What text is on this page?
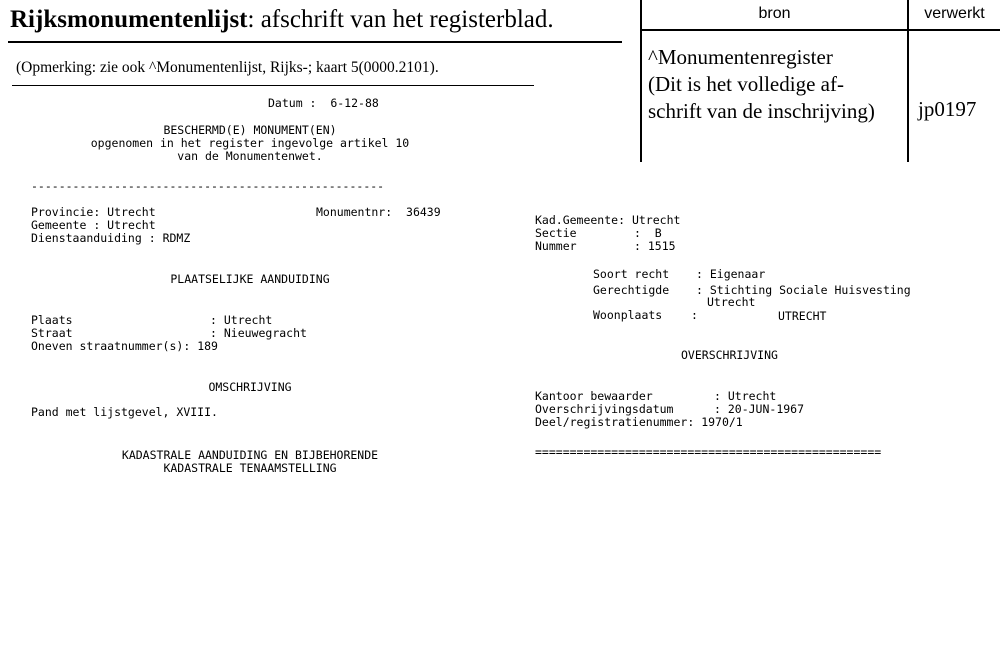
Rijksmonumentenlijst: afschrift van het registerblad.
(Opmerking: zie ook ^Monumentenlijst, Rijks-; kaart 5(0000.2101).
bron	verwerkt
^Monumentenregister
(Dit is het volledige af-
schrift van de inschrijving)	jp0197
Datum :  6-12-88
BESCHERMD(E) MONUMENT(EN)
opgenomen in het register ingevolge artikel 10
van de Monumentenwet.
---------------------------------------------------
Provincie: Utrecht	Monumentnr:  36439
Gemeente : Utrecht
Dienstaanduiding : RDMZ
PLAATSELIJKE AANDUIDING
Plaats	: Utrecht
Straat	: Nieuwegracht
Oneven straatnummer(s): 189
OMSCHRIJVING
Pand met lijstgevel, XVIII.
KADASTRALE AANDUIDING EN BIJBEHORENDE
KADASTRALE TENAAMSTELLING
Kad.Gemeente: Utrecht
Sectie	:  B
Nummer	: 1515
Soort recht : Eigenaar
Gerechtigde : Stichting Sociale Huisvesting
Utrecht
Woonplaats	:	UTRECHT
OVERSCHRIJVING
Kantoor bewaarder	: Utrecht
Overschrijvingsdatum	: 20-JUN-1967
Deel/registratienummer: 1970/1
==================================================
